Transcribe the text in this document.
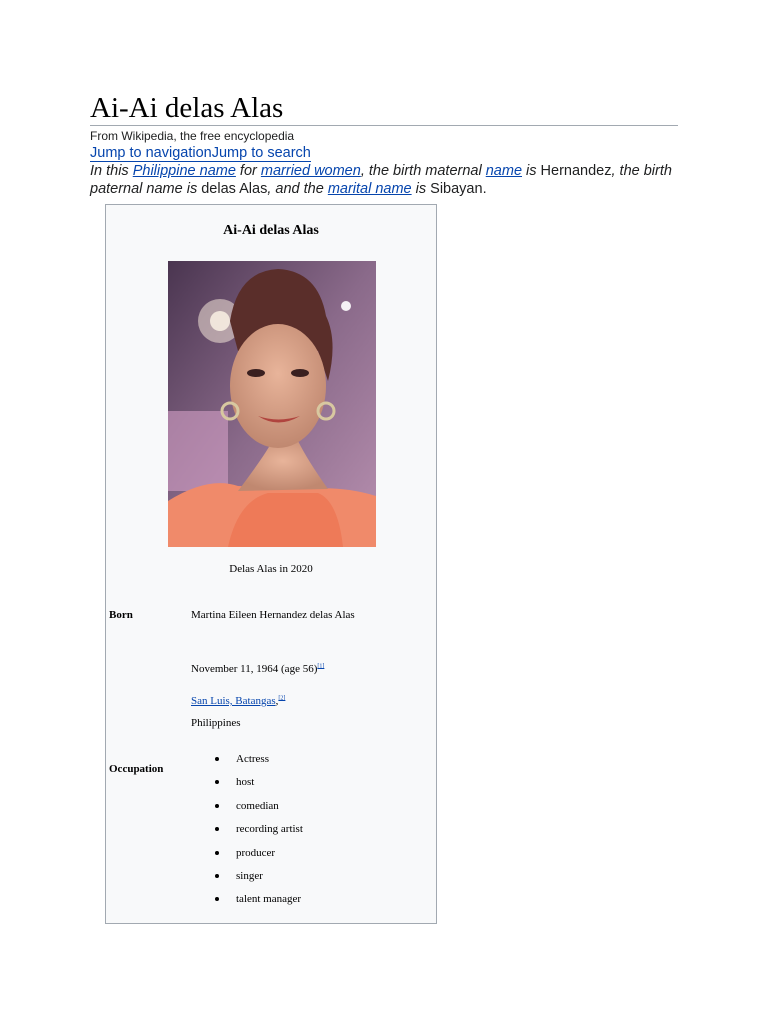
Ai-Ai delas Alas
From Wikipedia, the free encyclopedia
Jump to navigationJump to search
In this Philippine name for married women, the birth maternal name is Hernandez, the birth paternal name is delas Alas, and the marital name is Sibayan.
Ai-Ai delas Alas
Delas Alas in 2020
Born	Martina Eileen Hernandez delas Alas
November 11, 1964 (age 56)[1]
San Luis, Batangas,[2]
Philippines
Occupation
Actress
host
comedian
recording artist
producer
singer
talent manager
